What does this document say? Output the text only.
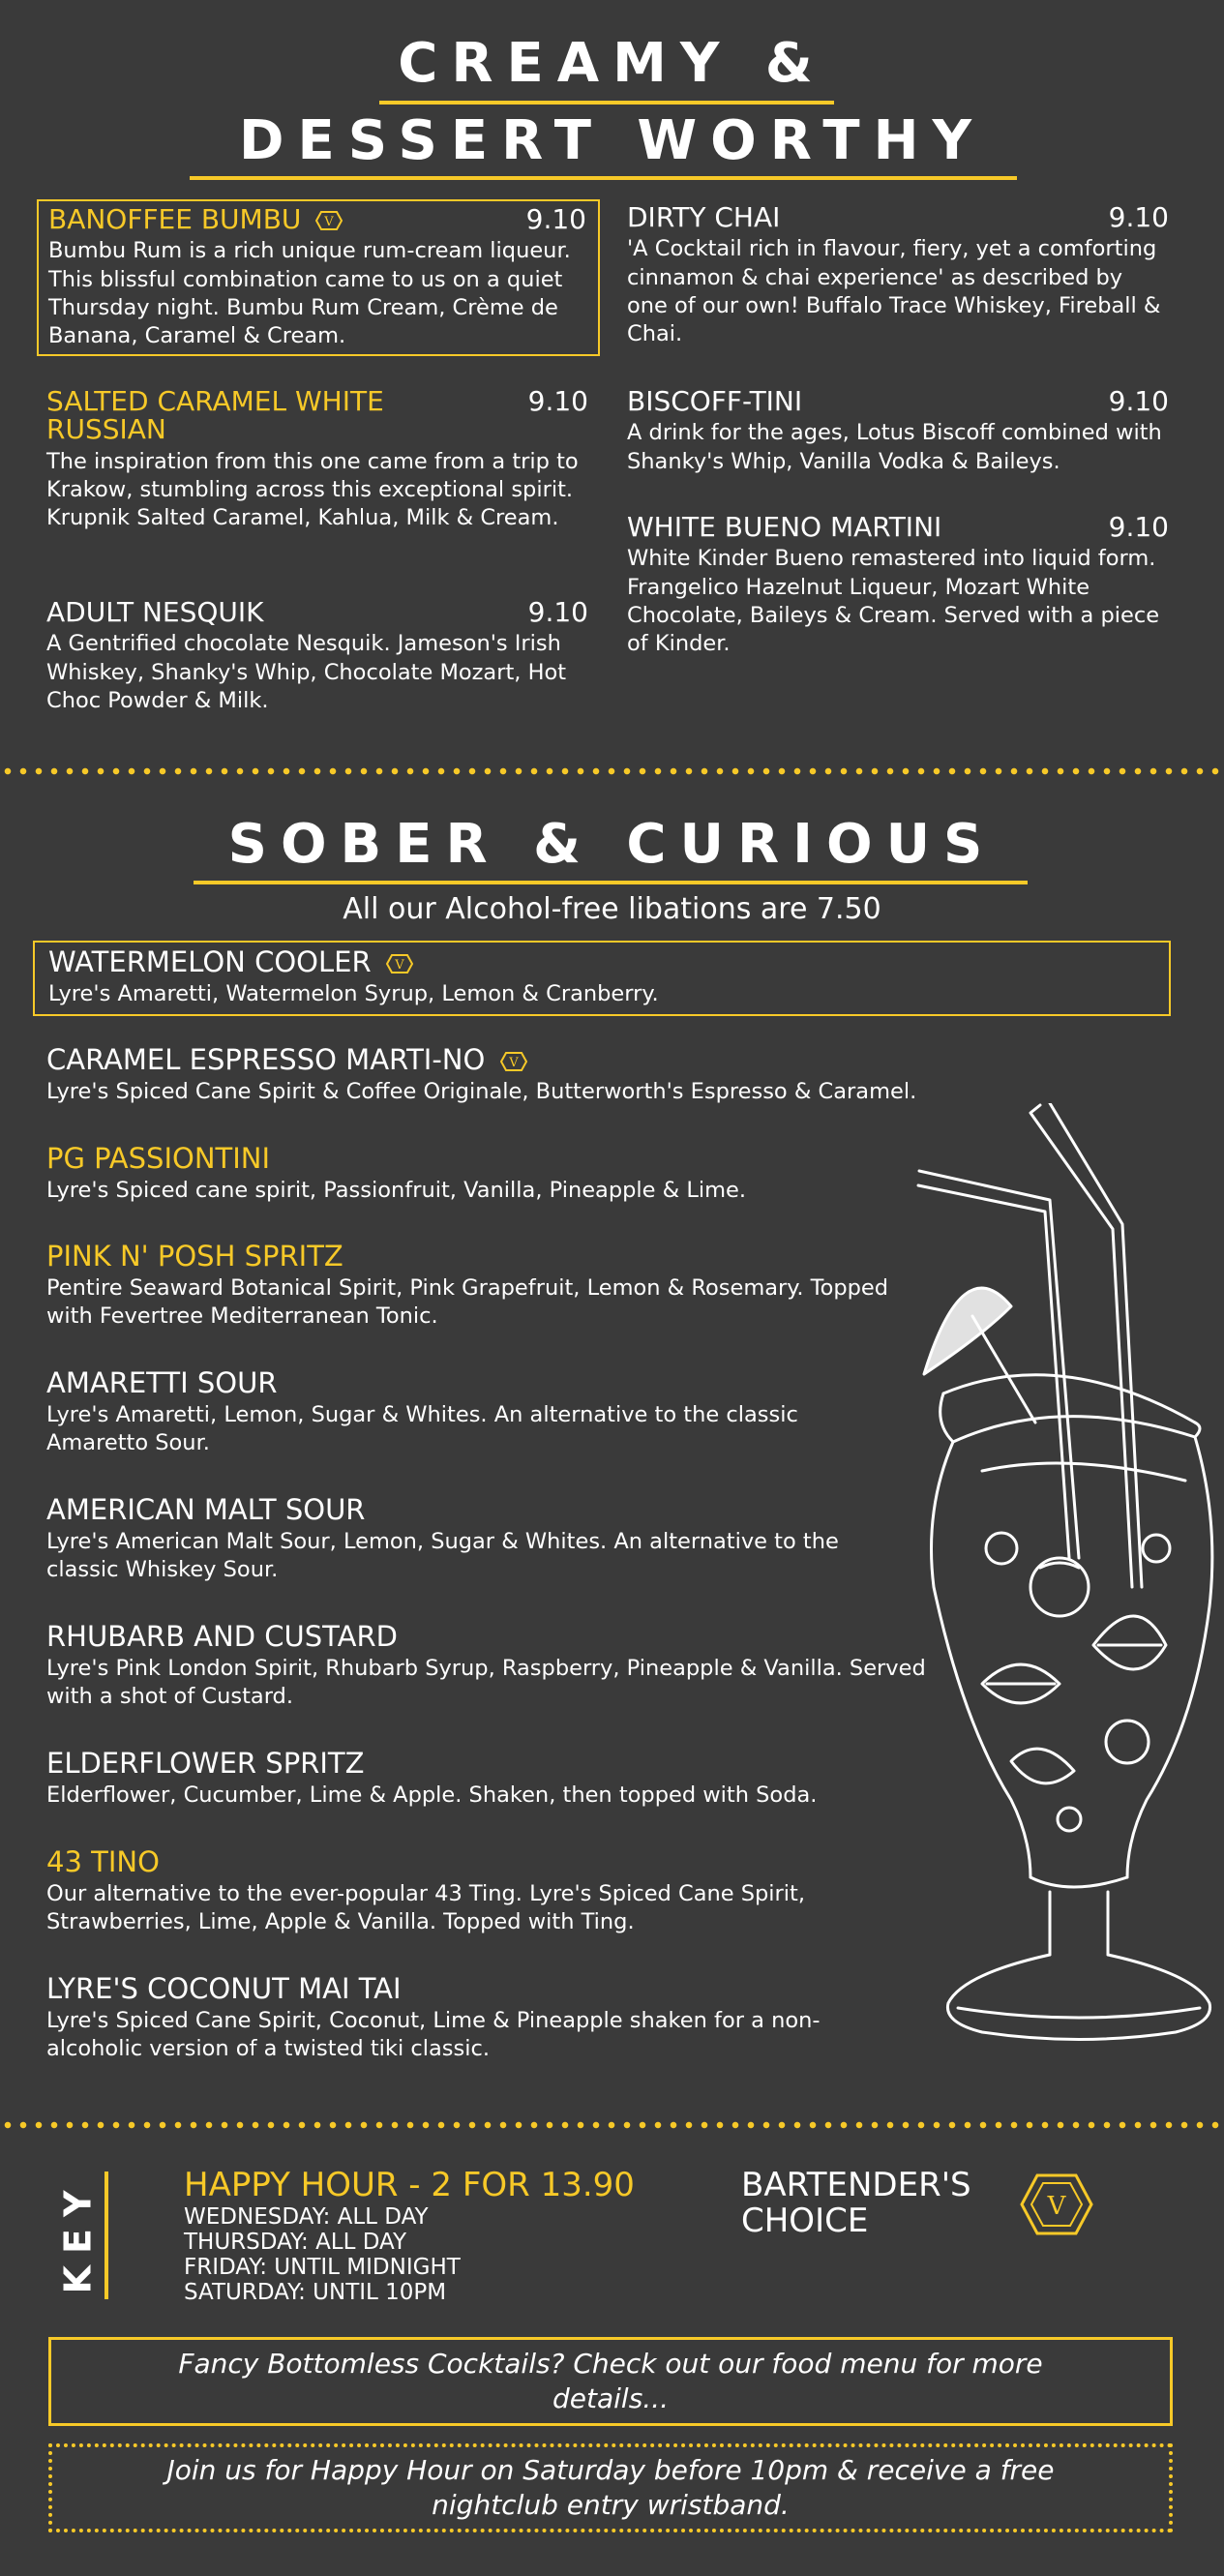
CREAMY &
DESSERT WORTHY
BANOFFEE BUMBU V	9.10
Bumbu Rum is a rich unique rum-cream liqueur. This blissful combination came to us on a quiet Thursday night. Bumbu Rum Cream, Crème de Banana, Caramel & Cream.
SALTED CARAMEL WHITE RUSSIAN
9.10
The inspiration from this one came from a trip to Krakow, stumbling across this exceptional spirit. Krupnik Salted Caramel, Kahlua, Milk & Cream.
ADULT NESQUIK	9.10
A Gentrified chocolate Nesquik. Jameson's Irish Whiskey, Shanky's Whip, Chocolate Mozart, Hot Choc Powder & Milk.
DIRTY CHAI	9.10
'A Cocktail rich in flavour, fiery, yet a comforting cinnamon & chai experience' as described by one of our own! Buffalo Trace Whiskey, Fireball & Chai.
BISCOFF-TINI	9.10
A drink for the ages, Lotus Biscoff combined with Shanky's Whip, Vanilla Vodka & Baileys.
WHITE BUENO MARTINI	9.10
White Kinder Bueno remastered into liquid form. Frangelico Hazelnut Liqueur, Mozart White Chocolate, Baileys & Cream. Served with a piece of Kinder.
SOBER & CURIOUS
All our Alcohol-free libations are 7.50
WATERMELON COOLER V
Lyre's Amaretti, Watermelon Syrup, Lemon & Cranberry.
CARAMEL ESPRESSO MARTI-NO V
Lyre's Spiced Cane Spirit & Coffee Originale, Butterworth's Espresso & Caramel.
PG PASSIONTINI
Lyre's Spiced cane spirit, Passionfruit, Vanilla, Pineapple & Lime.
PINK N' POSH SPRITZ
Pentire Seaward Botanical Spirit, Pink Grapefruit, Lemon & Rosemary. Topped with Fevertree Mediterranean Tonic.
AMARETTI SOUR
Lyre's Amaretti, Lemon, Sugar & Whites. An alternative to the classic Amaretto Sour.
AMERICAN MALT SOUR
Lyre's American Malt Sour, Lemon, Sugar & Whites. An alternative to the classic Whiskey Sour.
RHUBARB AND CUSTARD
Lyre's Pink London Spirit, Rhubarb Syrup, Raspberry, Pineapple & Vanilla. Served with a shot of Custard.
ELDERFLOWER SPRITZ
Elderflower, Cucumber, Lime & Apple. Shaken, then topped with Soda.
43 TINO
Our alternative to the ever-popular 43 Ting. Lyre's Spiced Cane Spirit, Strawberries, Lime, Apple & Vanilla. Topped with Ting.
LYRE'S COCONUT MAI TAI
Lyre's Spiced Cane Spirit, Coconut, Lime & Pineapple shaken for a non-alcoholic version of a twisted tiki classic.
KEY	HAPPY HOUR - 2 FOR 13.90
WEDNESDAY: ALL DAY
THURSDAY: ALL DAY
FRIDAY: UNTIL MIDNIGHT
SATURDAY: UNTIL 10PM
BARTENDER'S
CHOICE	V
Fancy Bottomless Cocktails? Check out our food menu for more details...
Join us for Happy Hour on Saturday before 10pm & receive a free nightclub entry wristband.
